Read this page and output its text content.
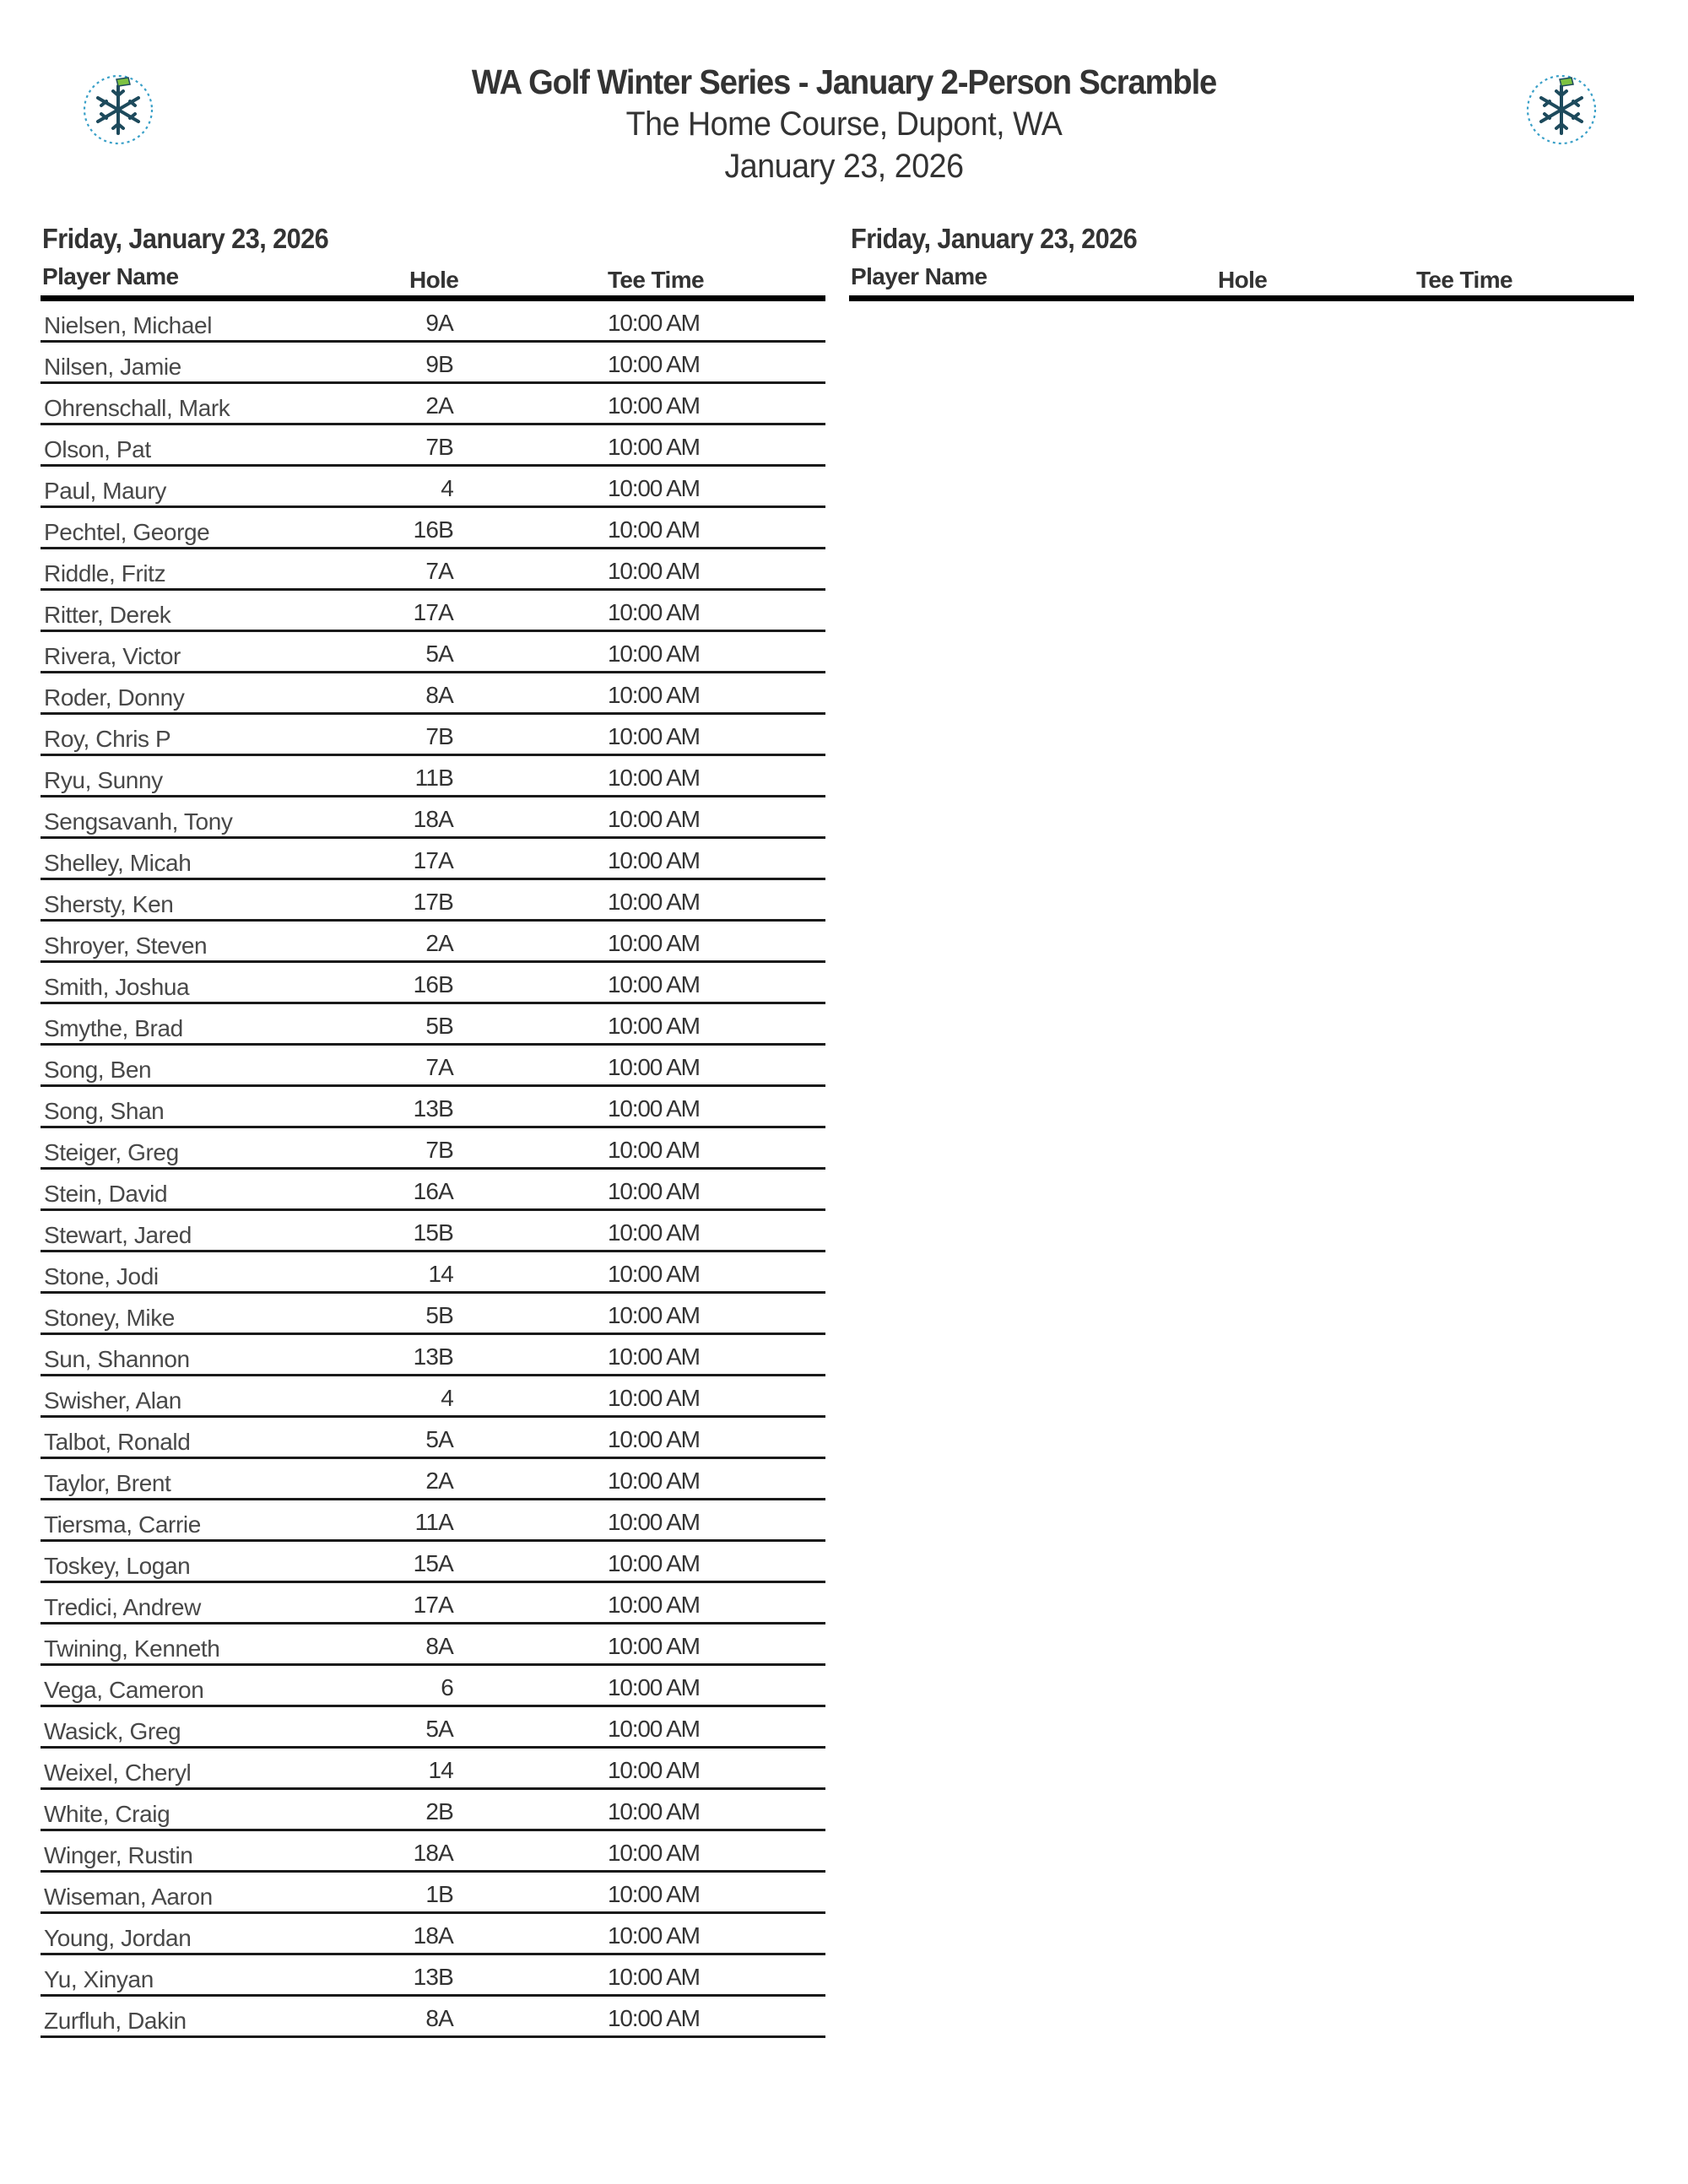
WA Golf Winter Series - January 2-Person Scramble
The Home Course, Dupont, WA
January 23, 2026
Friday, January 23, 2026
Player Name	Hole	Tee Time
Nielsen, Michael	9A	10:00 AM
Nilsen, Jamie	9B	10:00 AM
Ohrenschall, Mark	2A	10:00 AM
Olson, Pat	7B	10:00 AM
Paul, Maury	4	10:00 AM
Pechtel, George	16B	10:00 AM
Riddle, Fritz	7A	10:00 AM
Ritter, Derek	17A	10:00 AM
Rivera, Victor	5A	10:00 AM
Roder, Donny	8A	10:00 AM
Roy, Chris P	7B	10:00 AM
Ryu, Sunny	11B	10:00 AM
Sengsavanh, Tony	18A	10:00 AM
Shelley, Micah	17A	10:00 AM
Shersty, Ken	17B	10:00 AM
Shroyer, Steven	2A	10:00 AM
Smith, Joshua	16B	10:00 AM
Smythe, Brad	5B	10:00 AM
Song, Ben	7A	10:00 AM
Song, Shan	13B	10:00 AM
Steiger, Greg	7B	10:00 AM
Stein, David	16A	10:00 AM
Stewart, Jared	15B	10:00 AM
Stone, Jodi	14	10:00 AM
Stoney, Mike	5B	10:00 AM
Sun, Shannon	13B	10:00 AM
Swisher, Alan	4	10:00 AM
Talbot, Ronald	5A	10:00 AM
Taylor, Brent	2A	10:00 AM
Tiersma, Carrie	11A	10:00 AM
Toskey, Logan	15A	10:00 AM
Tredici, Andrew	17A	10:00 AM
Twining, Kenneth	8A	10:00 AM
Vega, Cameron	6	10:00 AM
Wasick, Greg	5A	10:00 AM
Weixel, Cheryl	14	10:00 AM
White, Craig	2B	10:00 AM
Winger, Rustin	18A	10:00 AM
Wiseman, Aaron	1B	10:00 AM
Young, Jordan	18A	10:00 AM
Yu, Xinyan	13B	10:00 AM
Zurfluh, Dakin	8A	10:00 AM
Friday, January 23, 2026
Player Name	Hole	Tee Time
